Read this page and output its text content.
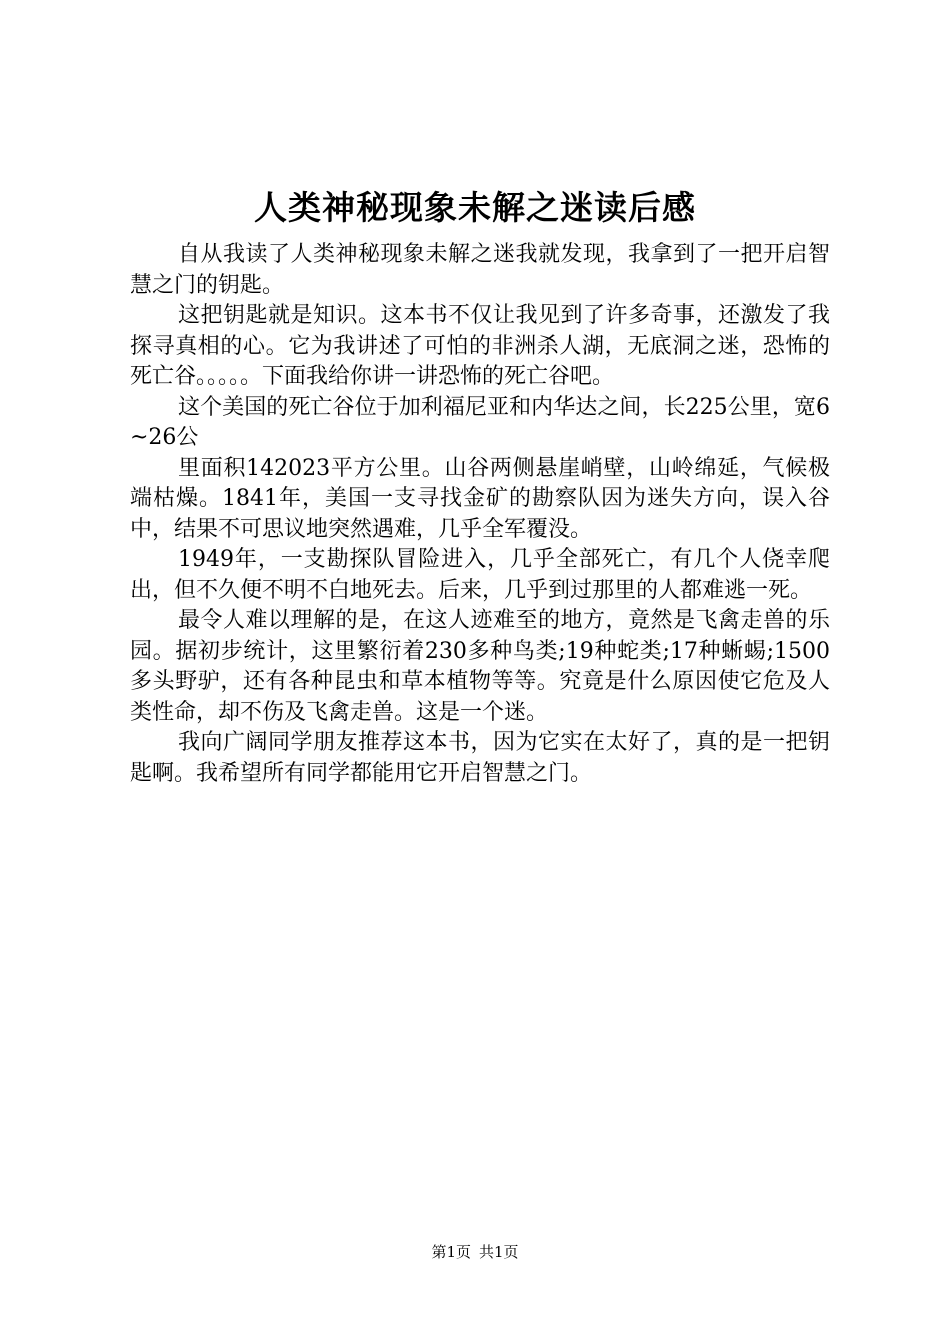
人类神秘现象未解之迷读后感

自从我读了人类神秘现象未解之迷我就发现，我拿到了一把开启智慧之门的钥匙。

这把钥匙就是知识。这本书不仅让我见到了许多奇事，还激发了我探寻真相的心。它为我讲述了可怕的非洲杀人湖，无底洞之迷，恐怖的死亡谷。。。。。下面我给你讲一讲恐怖的死亡谷吧。

这个美国的死亡谷位于加利福尼亚和内华达之间，长225公里，宽6~26公

里面积142023平方公里。山谷两侧悬崖峭壁，山岭绵延，气候极端枯燥。1841年，美国一支寻找金矿的勘察队因为迷失方向，误入谷中，结果不可思议地突然遇难，几乎全军覆没。

1949年，一支勘探队冒险进入，几乎全部死亡，有几个人侥幸爬出，但不久便不明不白地死去。后来，几乎到过那里的人都难逃一死。

最令人难以理解的是，在这人迹难至的地方，竟然是飞禽走兽的乐园。据初步统计，这里繁衍着230多种鸟类;19种蛇类;17种蜥蜴;1500多头野驴，还有各种昆虫和草本植物等等。究竟是什么原因使它危及人类性命，却不伤及飞禽走兽。这是一个迷。

我向广阔同学朋友推荐这本书，因为它实在太好了，真的是一把钥匙啊。我希望所有同学都能用它开启智慧之门。

第1页 共1页
